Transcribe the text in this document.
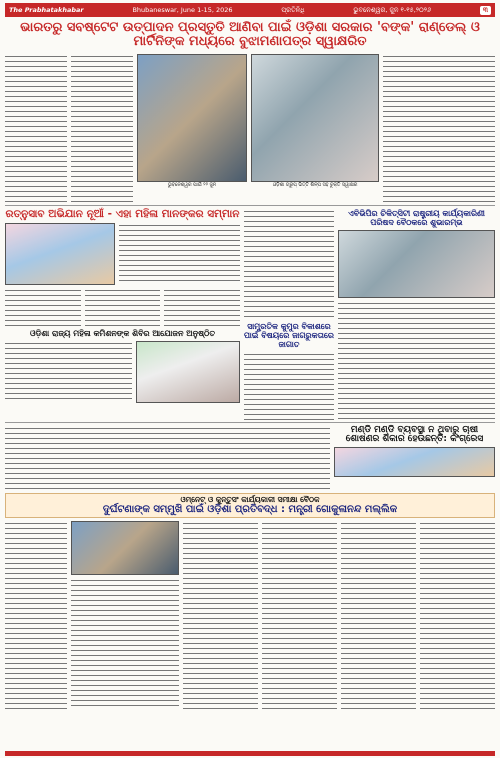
The Prabhatakhabar	Bhubaneswar, June 1-15, 2026	ପ୍ରତିନିଧି	ଭୁବନେଶ୍ୱର, ଜୁନ ୧-୧୫,୨୦୨୬	୩
ଭାରତରୁ ସବଷ୍ଟେଟ ଉତ୍ପାଦନ ପ୍ରସ୍ତୁତି ଆଣିବା ପାଇଁ ଓଡ଼ିଶା ସରକାର 'ବଙ୍କ' ରାଣ୍ଡେଲ୍ ଓ ମାର୍ଟିନିଙ୍କ ମଧ୍ୟରେ ବୁଝାମଣାପତ୍ର ସ୍ୱାକ୍ଷରିତ
ଭୁବନେଶ୍ୱର ପାଇଁ ୨୨ ଜୁନ	ଓଡ଼ିଶା ଗ୍ରୁପ୍ ଭିତ୍ତି ଶିଳ୍ପ ସହ ଚୁକ୍ତି ସ୍ୱାକ୍ଷର
ରତ୍ନୁସାବ ଅଭିଯାନ ନୂଆଁ - ଏହା ମହିଳା ମାନଙ୍କର ସମ୍ମାନ
ଓଡ଼ିଶା ରାଜ୍ୟ ମହିଳା କମିଶନଙ୍କ ଶିବିର ଆଯୋଜନ ଅନୁଷ୍ଠିତ
ସାମ୍ପ୍ରତିକ କୁମୁର ବିକାଶରେ ପାଇଁ ବିଷୟରେ ଜାଗରୁକତାରେ ଜାଗାତ
ଏବିଭିପିର ଚିକିତ୍ସିଟୀ ରାଷ୍ଟ୍ରୀୟ କାର୍ଯ୍ୟକାରିଣୀ ପରିଷଦ ବୈଠକରେ ଶୁଭାରମ୍ଭ
ମଣ୍ଡି ମଣ୍ଡି ବ୍ୟବସ୍ଥା ନ ଥିବାରୁ ଚାଷୀ ଶୋଷଣର ଶିକାର ହେଉଛନ୍ତି: କଂଗ୍ରେସ
ଓମ୍ନେଟ୍ ଓ କୁନ୍ତୁସଂ କାର୍ଯ୍ୟକାଳୀ ସମୀକ୍ଷା ବୈଠକ
ଦୁର୍ଘଟଣାଙ୍କ ସମ୍ମୁଖି ପାଇଁ ଓଡ଼ିଶା ପ୍ରତିବଦ୍ଧ : ମନ୍ତ୍ରୀ ଗୋକୁଳାନନ୍ଦ ମଲ୍ଲିକ
